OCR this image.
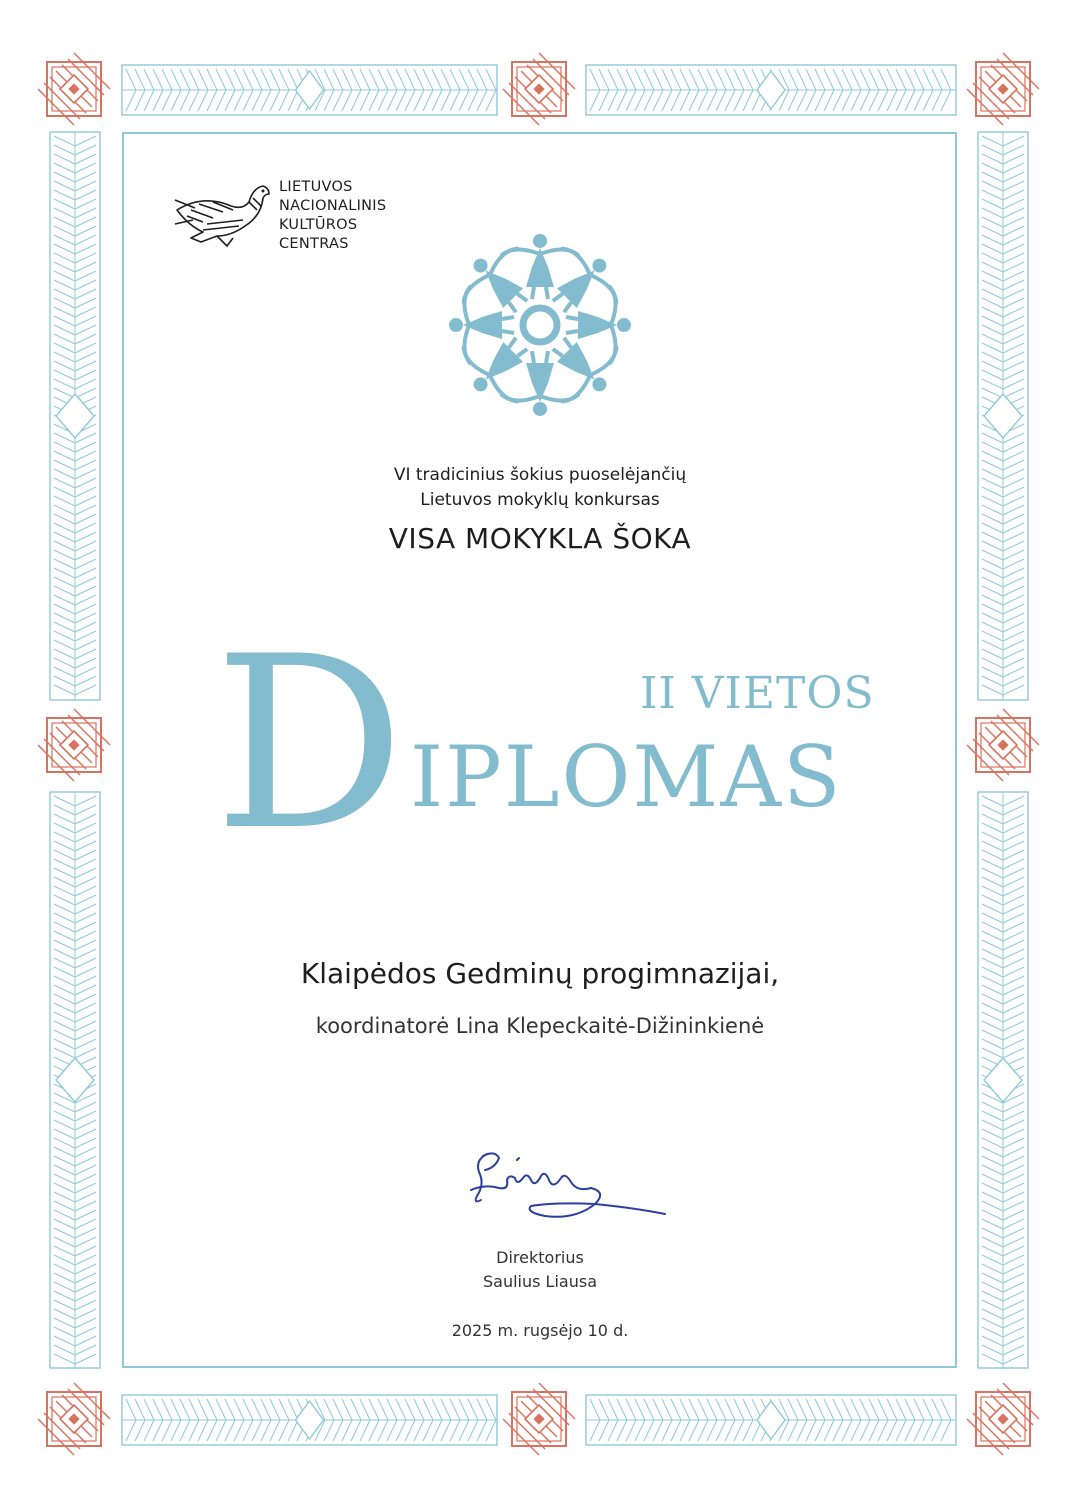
LIETUVOS
NACIONALINIS
KULTŪROS
CENTRAS
VI tradicinius šokius puoselėjančių
Lietuvos mokyklų konkursas
VISA MOKYKLA ŠOKA
II VIETOS
D IPLOMAS
Klaipėdos Gedminų progimnazijai,
koordinatorė Lina Klepeckaitė-Dižininkienė
Direktorius
Saulius Liausa
2025 m. rugsėjo 10 d.
